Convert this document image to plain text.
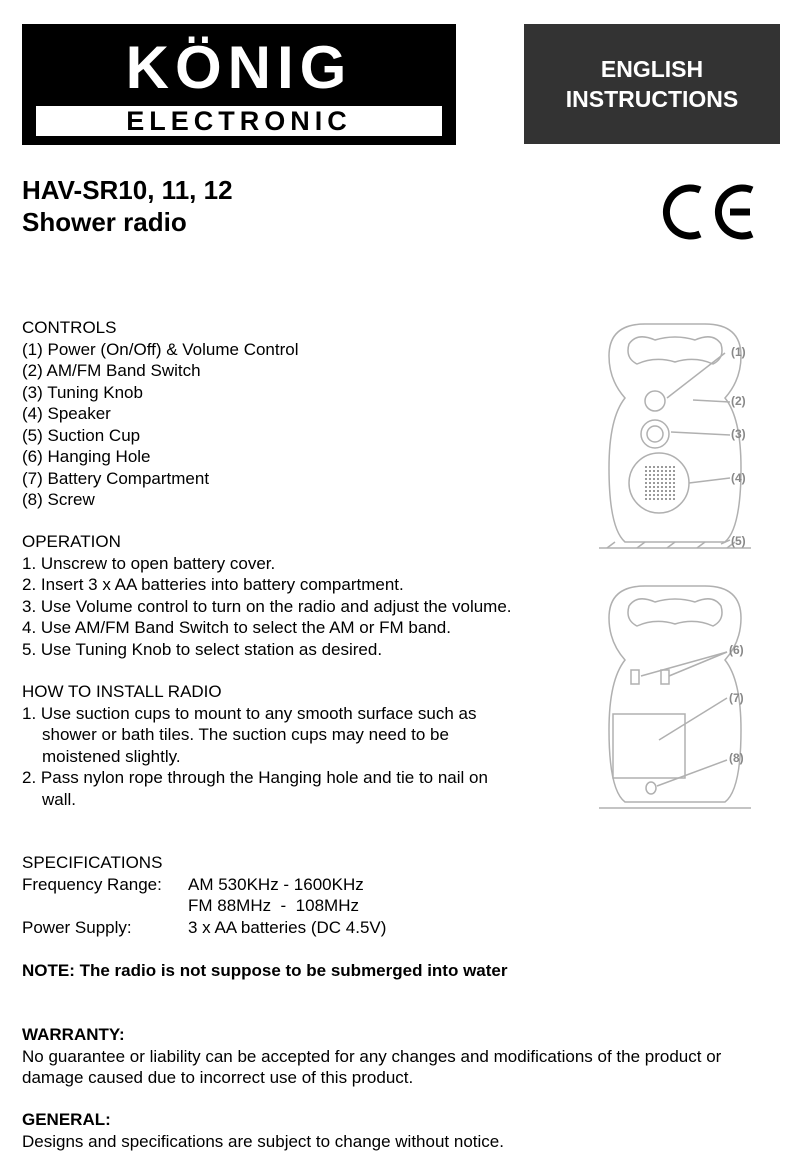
KÖNIG
ELECTRONIC
ENGLISH
INSTRUCTIONS
HAV-SR10, 11, 12
Shower radio
CONTROLS
(1) Power (On/Off) & Volume Control
(2) AM/FM Band Switch
(3) Tuning Knob
(4) Speaker
(5) Suction Cup
(6) Hanging Hole
(7) Battery Compartment
(8) Screw
OPERATION
1. Unscrew to open battery cover.
2. Insert 3 x AA batteries into battery compartment.
3. Use Volume control to turn on the radio and adjust the volume.
4. Use AM/FM Band Switch to select the AM or FM band.
5. Use Tuning Knob to select station as desired.
HOW TO INSTALL RADIO
1. Use suction cups to mount to any smooth surface such as
shower or bath tiles. The suction cups may need to be
moistened slightly.
2. Pass nylon rope through the Hanging hole and tie to nail on
wall.
SPECIFICATIONS
Frequency Range:	AM 530KHz - 1600KHz
FM 88MHz  -  108MHz
Power Supply:	3 x AA batteries (DC 4.5V)
NOTE: The radio is not suppose to be submerged into water
WARRANTY:
No guarantee or liability can be accepted for any changes and modifications of the product or
damage caused due to incorrect use of this product.
GENERAL:
Designs and specifications are subject to change without notice.
(1)
(2)
(3)
(4)
(5)
(6)
(7)
(8)
